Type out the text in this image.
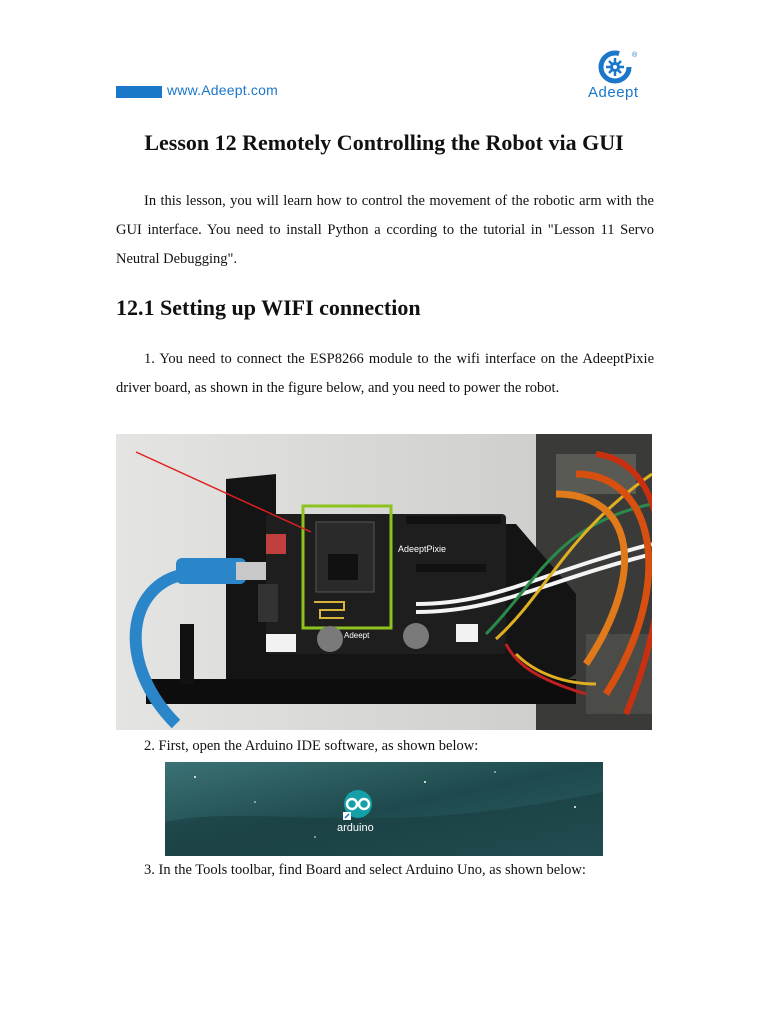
www.Adeept.com
®
Adeept
Lesson 12 Remotely Controlling the Robot via GUI

In this lesson, you will learn how to control the movement of the robotic arm with the GUI interface. You need to install Python a ccording to the tutorial in "Lesson 11 Servo Neutral Debugging".

12.1 Setting up WIFI connection

1. You need to connect the ESP8266 module to the wifi interface on the AdeeptPixie driver board, as shown in the figure below, and you need to power the robot.

AdeeptPixie
Adeept
2. First, open the Arduino IDE software, as shown below:
arduino
3. In the Tools toolbar, find Board and select Arduino Uno, as shown below:
